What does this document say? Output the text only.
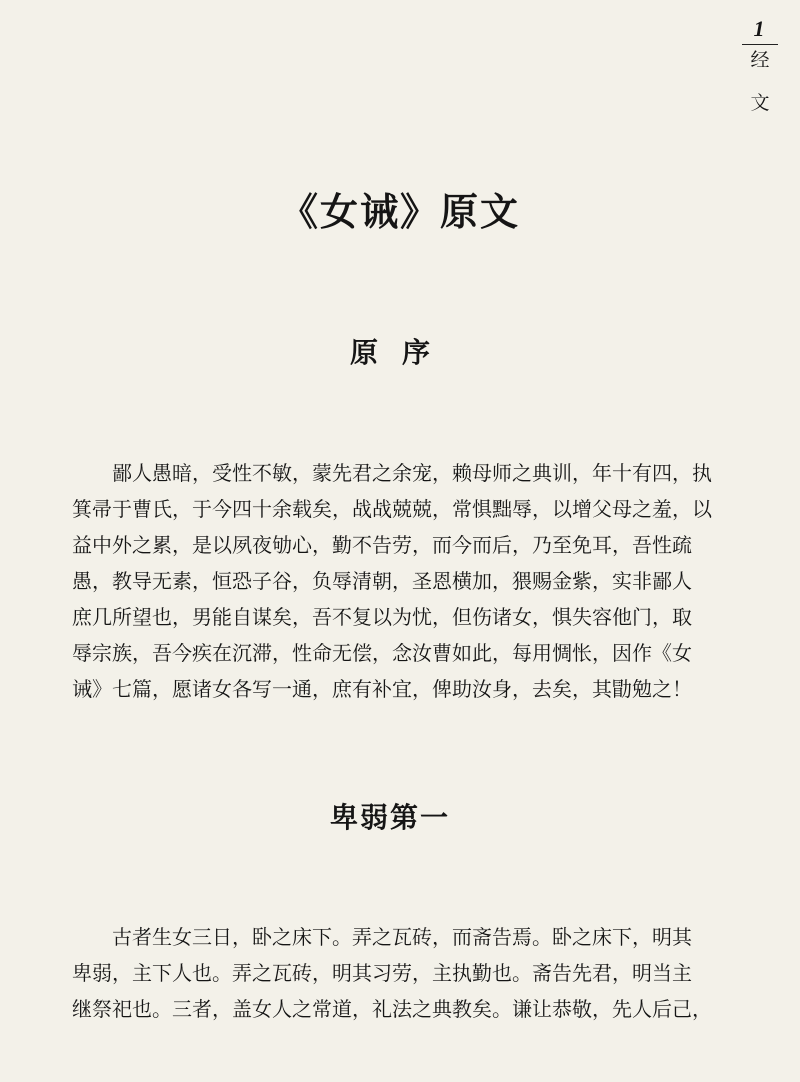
1
经
文
《女诫》原文
原序
　　鄙人愚暗，受性不敏，蒙先君之余宠，赖母师之典训，年十有四，执
箕帚于曹氏，于今四十余载矣，战战兢兢，常惧黜辱，以增父母之羞，以
益中外之累，是以夙夜劬心，勤不告劳，而今而后，乃至免耳，吾性疏
愚，教导无素，恒恐子谷，负辱清朝，圣恩横加，猥赐金紫，实非鄙人
庶几所望也，男能自谋矣，吾不复以为忧，但伤诸女，惧失容他门，取
辱宗族，吾今疾在沉滞，性命无偿，念汝曹如此，每用惆怅，因作《女
诫》七篇，愿诸女各写一通，庶有补宜，俾助汝身，去矣，其勖勉之！
卑弱第一
　　古者生女三日，卧之床下。弄之瓦砖，而斋告焉。卧之床下，明其
卑弱，主下人也。弄之瓦砖，明其习劳，主执勤也。斋告先君，明当主
继祭祀也。三者，盖女人之常道，礼法之典教矣。谦让恭敬，先人后己，
